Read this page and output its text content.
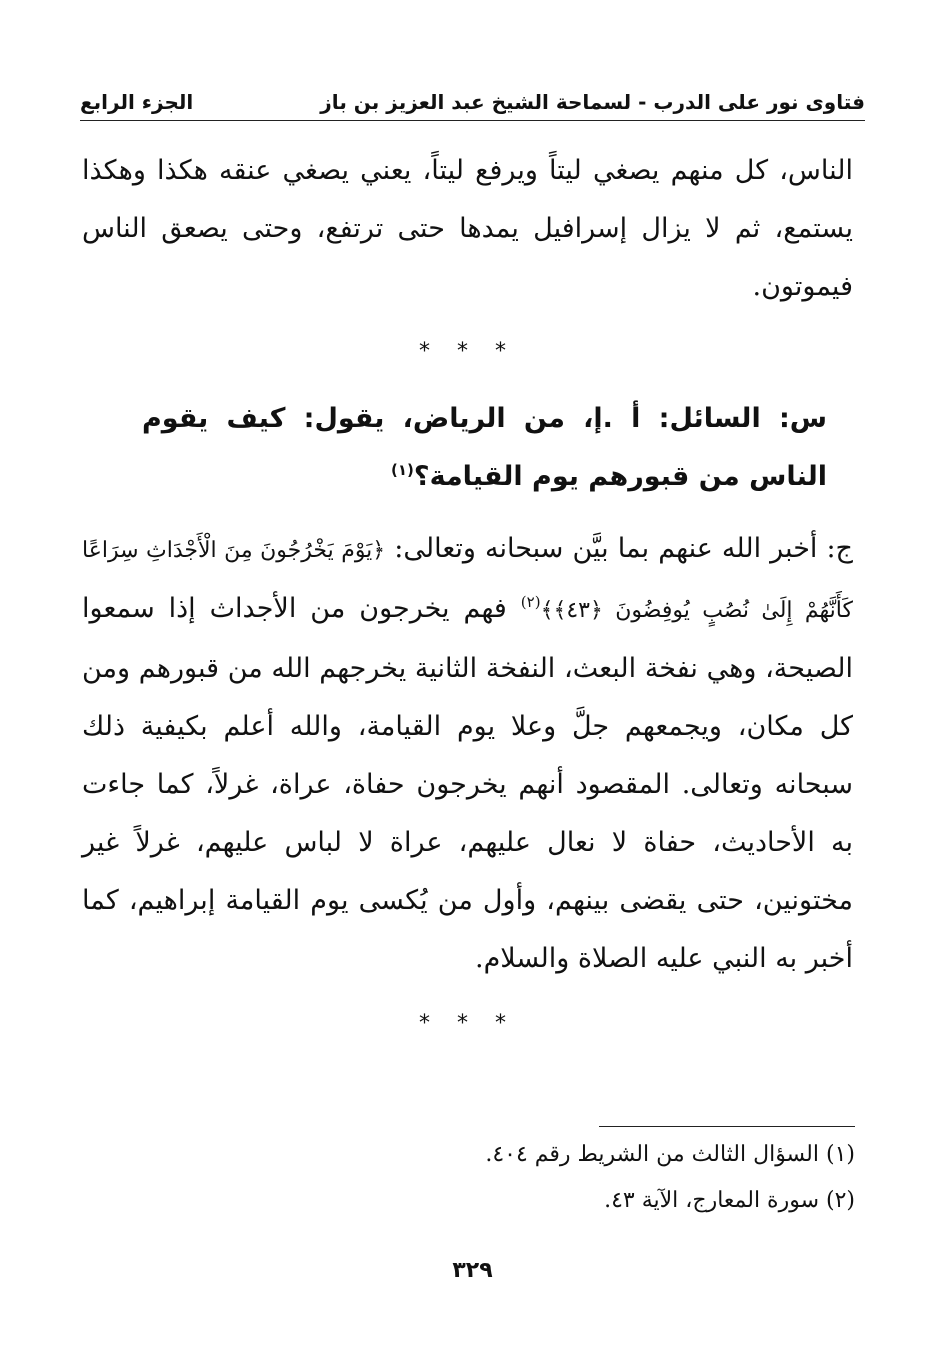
فتاوى نور على الدرب - لسماحة الشيخ عبد العزيز بن باز
الجزء الرابع

الناس، كل منهم يصغي ليتاً ويرفع ليتاً، يعني يصغي عنقه هكذا وهكذا يستمع، ثم لا يزال إسرافيل يمدها حتى ترتفع، وحتى يصعق الناس فيموتون.

* * *

س: السائل: أ .إ، من الرياض، يقول: كيف يقوم الناس من قبورهم يوم القيامة؟$^{(١)}$

ج: أخبر الله عنهم بما بيَّن سبحانه وتعالى: ﴿يَوْمَ يَخْرُجُونَ مِنَ الْأَجْدَاثِ سِرَاعًا كَأَنَّهُمْ إِلَىٰ نُصُبٍ يُوفِضُونَ ﴿٤٣﴾﴾$^{(٢)}$ فهم يخرجون من الأجداث إذا سمعوا الصيحة، وهي نفخة البعث، النفخة الثانية يخرجهم الله من قبورهم ومن كل مكان، ويجمعهم جلَّ وعلا يوم القيامة، والله أعلم بكيفية ذلك سبحانه وتعالى. المقصود أنهم يخرجون حفاة، عراة، غرلاً، كما جاءت به الأحاديث، حفاة لا نعال عليهم، عراة لا لباس عليهم، غرلاً غير مختونين، حتى يقضى بينهم، وأول من يُكسى يوم القيامة إبراهيم، كما أخبر به النبي عليه الصلاة والسلام.

* * *

(١) السؤال الثالث من الشريط رقم ٤٠٤.

(٢) سورة المعارج، الآية ٤٣.

٣٢٩
